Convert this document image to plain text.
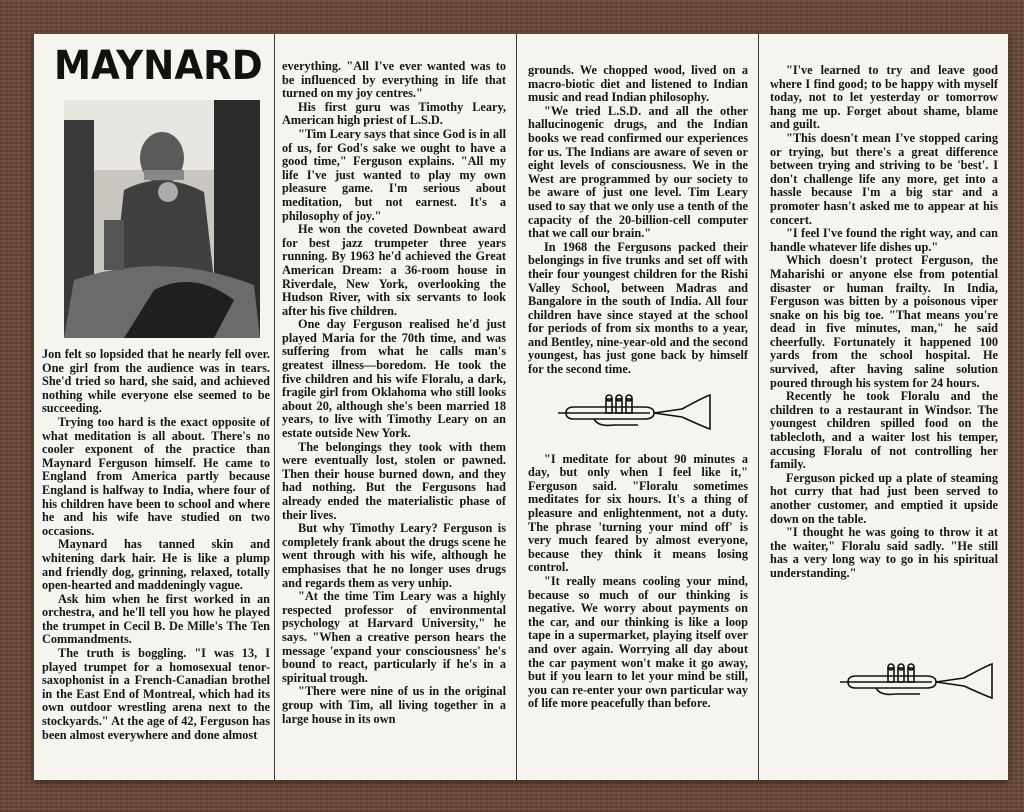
MAYNARD

Jon felt so lopsided that he nearly fell over. One girl from the audience was in tears. She'd tried so hard, she said, and achieved nothing while everyone else seemed to be succeeding.

Trying too hard is the exact opposite of what meditation is all about. There's no cooler exponent of the practice than Maynard Ferguson himself. He came to England from America partly because England is halfway to India, where four of his children have been to school and where he and his wife have studied on two occasions.

Maynard has tanned skin and whitening dark hair. He is like a plump and friendly dog, grinning, relaxed, totally open-hearted and maddeningly vague.

Ask him when he first worked in an orchestra, and he'll tell you how he played the trumpet in Cecil B. De Mille's The Ten Commandments.

The truth is boggling. "I was 13, I played trumpet for a homosexual tenor-saxophonist in a French-Canadian brothel in the East End of Montreal, which had its own outdoor wrestling arena next to the stockyards." At the age of 42, Ferguson has been almost everywhere and done almost

everything. "All I've ever wanted was to be influenced by everything in life that turned on my joy centres."

His first guru was Timothy Leary, American high priest of L.S.D.

"Tim Leary says that since God is in all of us, for God's sake we ought to have a good time," Ferguson explains. "All my life I've just wanted to play my own pleasure game. I'm serious about meditation, but not earnest. It's a philosophy of joy."

He won the coveted Downbeat award for best jazz trumpeter three years running. By 1963 he'd achieved the Great American Dream: a 36-room house in Riverdale, New York, overlooking the Hudson River, with six servants to look after his five children.

One day Ferguson realised he'd just played Maria for the 70th time, and was suffering from what he calls man's greatest illness—boredom. He took the five children and his wife Floralu, a dark, fragile girl from Oklahoma who still looks about 20, although she's been married 18 years, to live with Timothy Leary on an estate outside New York.

The belongings they took with them were eventually lost, stolen or pawned. Then their house burned down, and they had nothing. But the Fergusons had already ended the materialistic phase of their lives.

But why Timothy Leary? Ferguson is completely frank about the drugs scene he went through with his wife, although he emphasises that he no longer uses drugs and regards them as very unhip.

"At the time Tim Leary was a highly respected professor of environmental psychology at Harvard University," he says. "When a creative person hears the message 'expand your consciousness' he's bound to react, particularly if he's in a spiritual trough.

"There were nine of us in the original group with Tim, all living together in a large house in its own

grounds. We chopped wood, lived on a macro-biotic diet and listened to Indian music and read Indian philosophy.

"We tried L.S.D. and all the other hallucinogenic drugs, and the Indian books we read confirmed our experiences for us. The Indians are aware of seven or eight levels of consciousness. We in the West are programmed by our society to be aware of just one level. Tim Leary used to say that we only use a tenth of the capacity of the 20-billion-cell computer that we call our brain."

In 1968 the Fergusons packed their belongings in five trunks and set off with their four youngest children for the Rishi Valley School, between Madras and Bangalore in the south of India. All four children have since stayed at the school for periods of from six months to a year, and Bentley, nine-year-old and the second youngest, has just gone back by himself for the second time.

"I meditate for about 90 minutes a day, but only when I feel like it," Ferguson said. "Floralu sometimes meditates for six hours. It's a thing of pleasure and enlightenment, not a duty. The phrase 'turning your mind off' is very much feared by almost everyone, because they think it means losing control.

"It really means cooling your mind, because so much of our thinking is negative. We worry about payments on the car, and our thinking is like a loop tape in a supermarket, playing itself over and over again. Worrying all day about the car payment won't make it go away, but if you learn to let your mind be still, you can re-enter your own particular way of life more peacefully than before.

"I've learned to try and leave good where I find good; to be happy with myself today, not to let yesterday or tomorrow hang me up. Forget about shame, blame and guilt.

"This doesn't mean I've stopped caring or trying, but there's a great difference between trying and striving to be 'best'. I don't challenge life any more, get into a hassle because I'm a big star and a promoter hasn't asked me to appear at his concert.

"I feel I've found the right way, and can handle whatever life dishes up."

Which doesn't protect Ferguson, the Maharishi or anyone else from potential disaster or human frailty. In India, Ferguson was bitten by a poisonous viper snake on his big toe. "That means you're dead in five minutes, man," he said cheerfully. Fortunately it happened 100 yards from the school hospital. He survived, after having saline solution poured through his system for 24 hours.

Recently he took Floralu and the children to a restaurant in Windsor. The youngest children spilled food on the tablecloth, and a waiter lost his temper, accusing Floralu of not controlling her family.

Ferguson picked up a plate of steaming hot curry that had just been served to another customer, and emptied it upside down on the table.

"I thought he was going to throw it at the waiter," Floralu said sadly. "He still has a very long way to go in his spiritual understanding."
